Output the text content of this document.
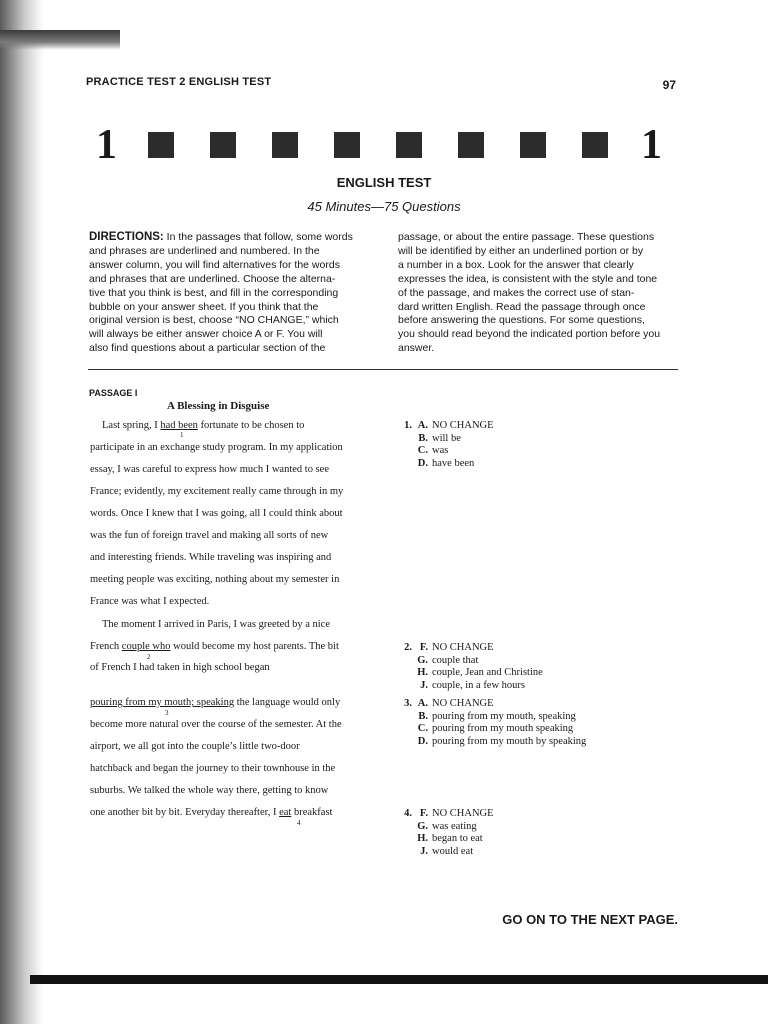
PRACTICE TEST 2 ENGLISH TEST	97
1	1
ENGLISH TEST
45 Minutes—75 Questions
DIRECTIONS: In the passages that follow, some words
and phrases are underlined and numbered. In the
answer column, you will find alternatives for the words
and phrases that are underlined. Choose the alterna-
tive that you think is best, and fill in the corresponding
bubble on your answer sheet. If you think that the
original version is best, choose “NO CHANGE,” which
will always be either answer choice A or F. You will
also find questions about a particular section of the
passage, or about the entire passage. These questions
will be identified by either an underlined portion or by
a number in a box. Look for the answer that clearly
expresses the idea, is consistent with the style and tone
of the passage, and makes the correct use of stan-
dard written English. Read the passage through once
before answering the questions. For some questions,
you should read beyond the indicated portion before you
answer.
PASSAGE I
A Blessing in Disguise
Last spring, I had been fortunate to be chosen to
1
participate in an exchange study program. In my application
essay, I was careful to express how much I wanted to see
France; evidently, my excitement really came through in my
words. Once I knew that I was going, all I could think about
was the fun of foreign travel and making all sorts of new
and interesting friends. While traveling was inspiring and
meeting people was exciting, nothing about my semester in
France was what I expected.
The moment I arrived in Paris, I was greeted by a nice
French couple who would become my host parents. The bit
2
of French I had taken in high school began
pouring from my mouth; speaking the language would only
3
become more natural over the course of the semester. At the
airport, we all got into the couple’s little two-door
hatchback and began the journey to their townhouse in the
suburbs. We talked the whole way there, getting to know
one another bit by bit. Everyday thereafter, I eat breakfast
4
1. A. NO CHANGE
B. will be
C. was
D. have been
2. F. NO CHANGE
G. couple that
H. couple, Jean and Christine
J. couple, in a few hours
3. A. NO CHANGE
B. pouring from my mouth, speaking
C. pouring from my mouth speaking
D. pouring from my mouth by speaking
4. F. NO CHANGE
G. was eating
H. began to eat
J. would eat
GO ON TO THE NEXT PAGE.
